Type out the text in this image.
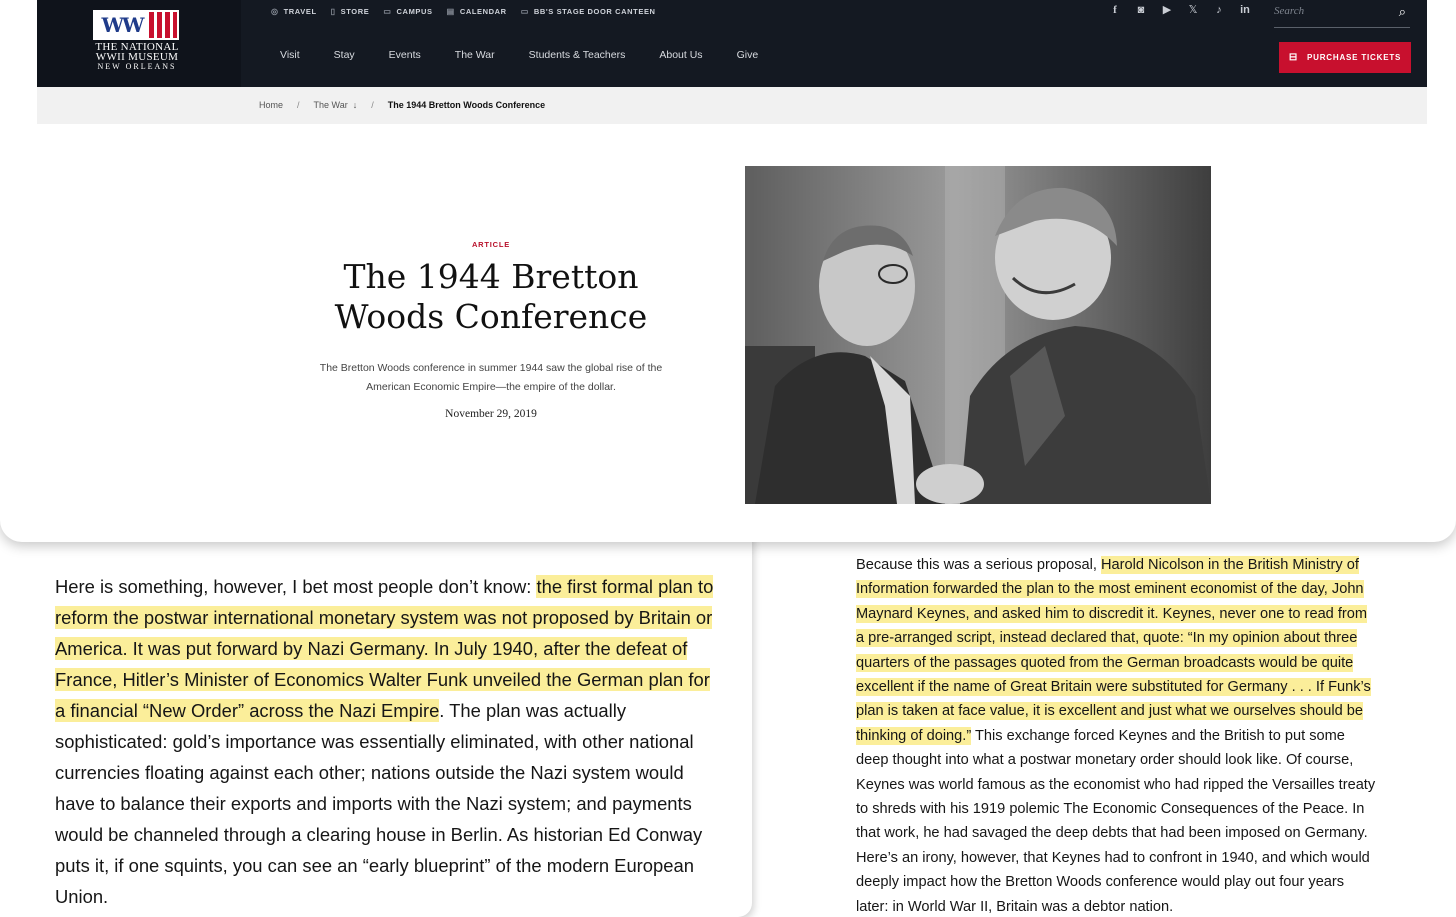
WW
THE NATIONAL
WWII MUSEUM
NEW ORLEANS
◎ TRAVEL ▯ STORE ▭ CAMPUS ▤ CALENDAR ▭ BB'S STAGE DOOR CANTEEN	f	◙ ▶ 𝕏 ♪ in
Search	⌕
Visit	Stay	Events	The War	Students & Teachers	About Us	Give	⊟ PURCHASE TICKETS
Home / The War ↓ / The 1944 Bretton Woods Conference
ARTICLE
The 1944 Bretton Woods Conference

The Bretton Woods conference in summer 1944 saw the global rise of the American Economic Empire—the empire of the dollar.

November 29, 2019

Here is something, however, I bet most people don’t know: the first formal plan to reform the postwar international monetary system was not proposed by Britain or America. It was put forward by Nazi Germany. In July 1940, after the defeat of France, Hitler’s Minister of Economics Walter Funk unveiled the German plan for a financial “New Order” across the Nazi Empire. The plan was actually sophisticated: gold’s importance was essentially eliminated, with other national currencies floating against each other; nations outside the Nazi system would have to balance their exports and imports with the Nazi system; and payments would be channeled through a clearing house in Berlin. As historian Ed Conway puts it, if one squints, you can see an “early blueprint” of the modern European Union.

Because this was a serious proposal, Harold Nicolson in the British Ministry of Information forwarded the plan to the most eminent economist of the day, John Maynard Keynes, and asked him to discredit it. Keynes, never one to read from a pre-arranged script, instead declared that, quote: “In my opinion about three quarters of the passages quoted from the German broadcasts would be quite excellent if the name of Great Britain were substituted for Germany . . . If Funk’s plan is taken at face value, it is excellent and just what we ourselves should be thinking of doing.” This exchange forced Keynes and the British to put some deep thought into what a postwar monetary order should look like. Of course, Keynes was world famous as the economist who had ripped the Versailles treaty to shreds with his 1919 polemic The Economic Consequences of the Peace. In that work, he had savaged the deep debts that had been imposed on Germany. Here’s an irony, however, that Keynes had to confront in 1940, and which would deeply impact how the Bretton Woods conference would play out four years later: in World War II, Britain was a debtor nation.
